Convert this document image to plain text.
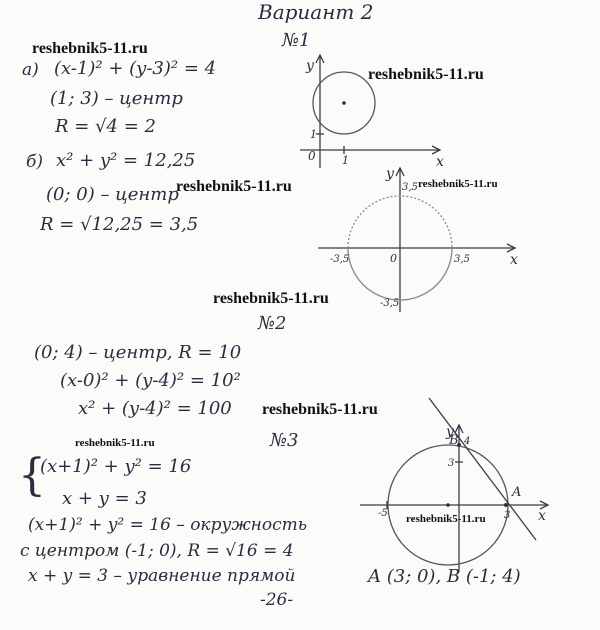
Вариант 2
reshebnik5-11.ru
reshebnik5-11.ru
reshebnik5-11.ru	reshebnik5-11.ru
reshebnik5-11.ru
reshebnik5-11.ru
reshebnik5-11.ru
reshebnik5-11.ru
№1
а) (x-1)² + (y-3)² = 4
(1; 3) – центр
R = √4 = 2
б) x² + y² = 12,25
(0; 0) – центр
R = √12,25 = 3,5
№2
(0; 4) – центр, R = 10
(x-0)² + (y-4)² = 10²
x² + (y-4)² = 100
№3
{
(x+1)² + y² = 16
x + y = 3
(x+1)² + y² = 16 – окружность
с центром (-1; 0), R = √16 = 4
x + y = 3 – уравнение прямой	A (3; 0), B (-1; 4)
-26-
x
y
0 1
1
x
y
0
-3,5	3,5
3,5
-3,5
x
y
A
B
-5	3
4
3
